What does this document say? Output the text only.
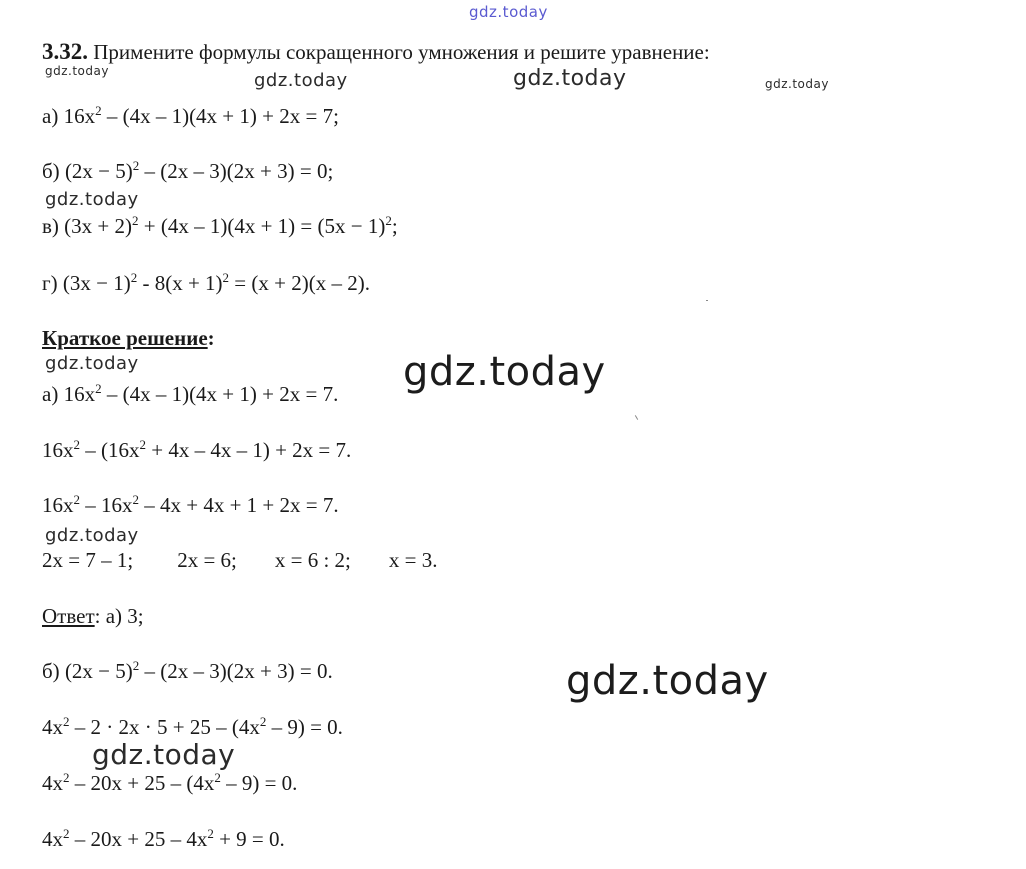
gdz.today
gdz.today	gdz.today	gdz.today	gdz.today
gdz.today
gdz.today	gdz.today
gdz.today
gdz.today
gdz.today
3.32. Примените формулы сокращенного умножения и решите уравнение:
а) $16x^2 - (4x - 1)(4x + 1) + 2x = 7$;
б) $(2x - 5)^2 - (2x - 3)(2x + 3) = 0$;
в) $(3x + 2)^2 + (4x - 1)(4x + 1) = (5x - 1)^2$;
г) $(3x - 1)^2 - 8(x + 1)^2 = (x + 2)(x - 2)$.
Краткое решение:
а) $16x^2 - (4x - 1)(4x + 1) + 2x = 7$.
$16x^2 - (16x^2 + 4x - 4x - 1) + 2x = 7$.
$16x^2 - 16x^2 - 4x + 4x + 1 + 2x = 7$.
2x = 7 – 1; 2x = 6; x = 6 : 2; x = 3.
Ответ: а) 3;
б) $(2x - 5)^2 - (2x - 3)(2x + 3) = 0$.
$4x^2 - 2 \cdot 2x \cdot 5 + 25 - (4x^2 - 9) = 0$.
$4x^2 - 20x + 25 - (4x^2 - 9) = 0$.
$4x^2 - 20x + 25 - 4x^2 + 9 = 0$.
